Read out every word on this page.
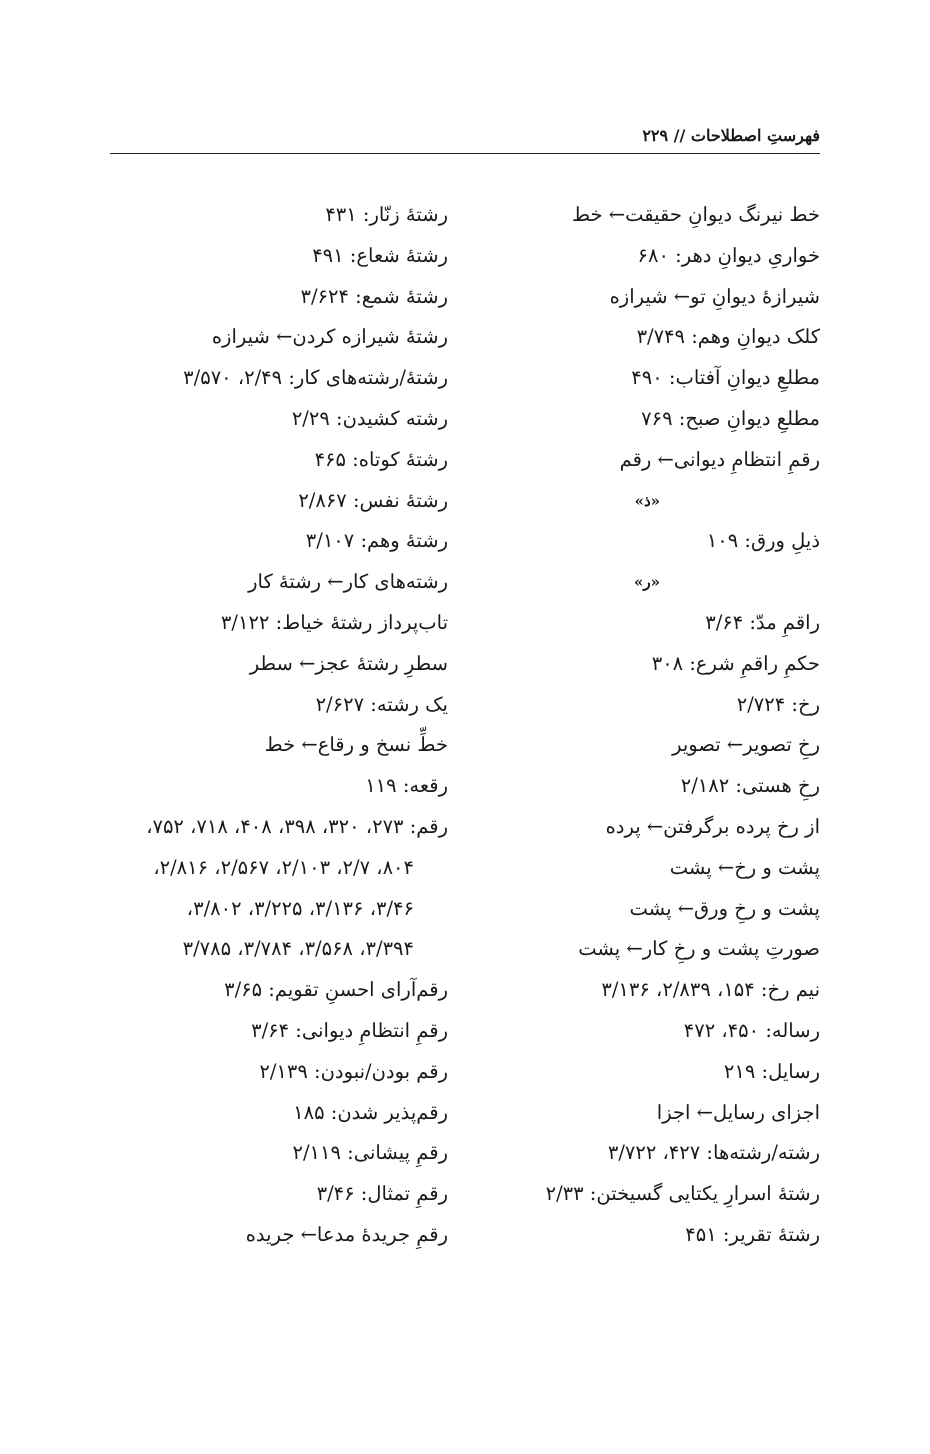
فهرستِ اصطلاحات // ۲۲۹
خط نیرنگ دیوانِ حقیقت← خط
خواریِ دیوانِ دهر: ۶۸۰
شیرازهٔ دیوانِ تو← شیرازه
کلک دیوانِ وهم: ۳/۷۴۹
مطلعِ دیوانِ آفتاب: ۴۹۰
مطلعِ دیوانِ صبح: ۷۶۹
رقمِ انتظامِ دیوانی← رقم
«ذ»
ذیلِ ورق: ۱۰۹
«ر»
راقمِ مدّ: ۳/۶۴
حکمِ راقمِ شرع: ۳۰۸
رخ: ۲/۷۲۴
رخِ تصویر← تصویر
رخِ هستی: ۲/۱۸۲
از رخ پرده برگرفتن← پرده
پشت و رخ← پشت
پشت و رخِ ورق← پشت
صورتِ پشت و رخِ کار← پشت
نیم رخ: ۱۵۴، ۲/۸۳۹، ۳/۱۳۶
رساله: ۴۵۰، ۴۷۲
رسایل: ۲۱۹
اجزای رسایل← اجزا
رشته/رشته‌ها: ۴۲۷، ۳/۷۲۲
رشتهٔ اسرارِ یکتایی گسیختن: ۲/۳۳
رشتهٔ تقریر: ۴۵۱
رشتهٔ زنّار: ۴۳۱
رشتهٔ شعاع: ۴۹۱
رشتهٔ شمع: ۳/۶۲۴
رشتهٔ شیرازه کردن← شیرازه
رشتهٔ/رشته‌های کار: ۲/۴۹، ۳/۵۷۰
رشته کشیدن: ۲/۲۹
رشتهٔ کوتاه: ۴۶۵
رشتهٔ نفس: ۲/۸۶۷
رشتهٔ وهم: ۳/۱۰۷
رشته‌های کار← رشتهٔ کار
تاب‌پرداز رشتهٔ خیاط: ۳/۱۲۲
سطرِ رشتهٔ عجز← سطر
یک رشته: ۲/۶۲۷
خطِّ نسخ و رقاع← خط
رقعه: ۱۱۹
رقم: ۲۷۳، ۳۲۰، ۳۹۸، ۴۰۸، ۷۱۸، ۷۵۲،
۸۰۴، ۲/۷، ۲/۱۰۳، ۲/۵۶۷، ۲/۸۱۶،
۳/۴۶، ۳/۱۳۶، ۳/۲۲۵، ۳/۸۰۲،
۳/۳۹۴، ۳/۵۶۸، ۳/۷۸۴، ۳/۷۸۵
رقم‌آرای احسنِ تقویم: ۳/۶۵
رقمِ انتظامِ دیوانی: ۳/۶۴
رقم بودن/نبودن: ۲/۱۳۹
رقم‌پذیر شدن: ۱۸۵
رقمِ پیشانی: ۲/۱۱۹
رقمِ تمثال: ۳/۴۶
رقمِ جریدهٔ مدعا← جریده
